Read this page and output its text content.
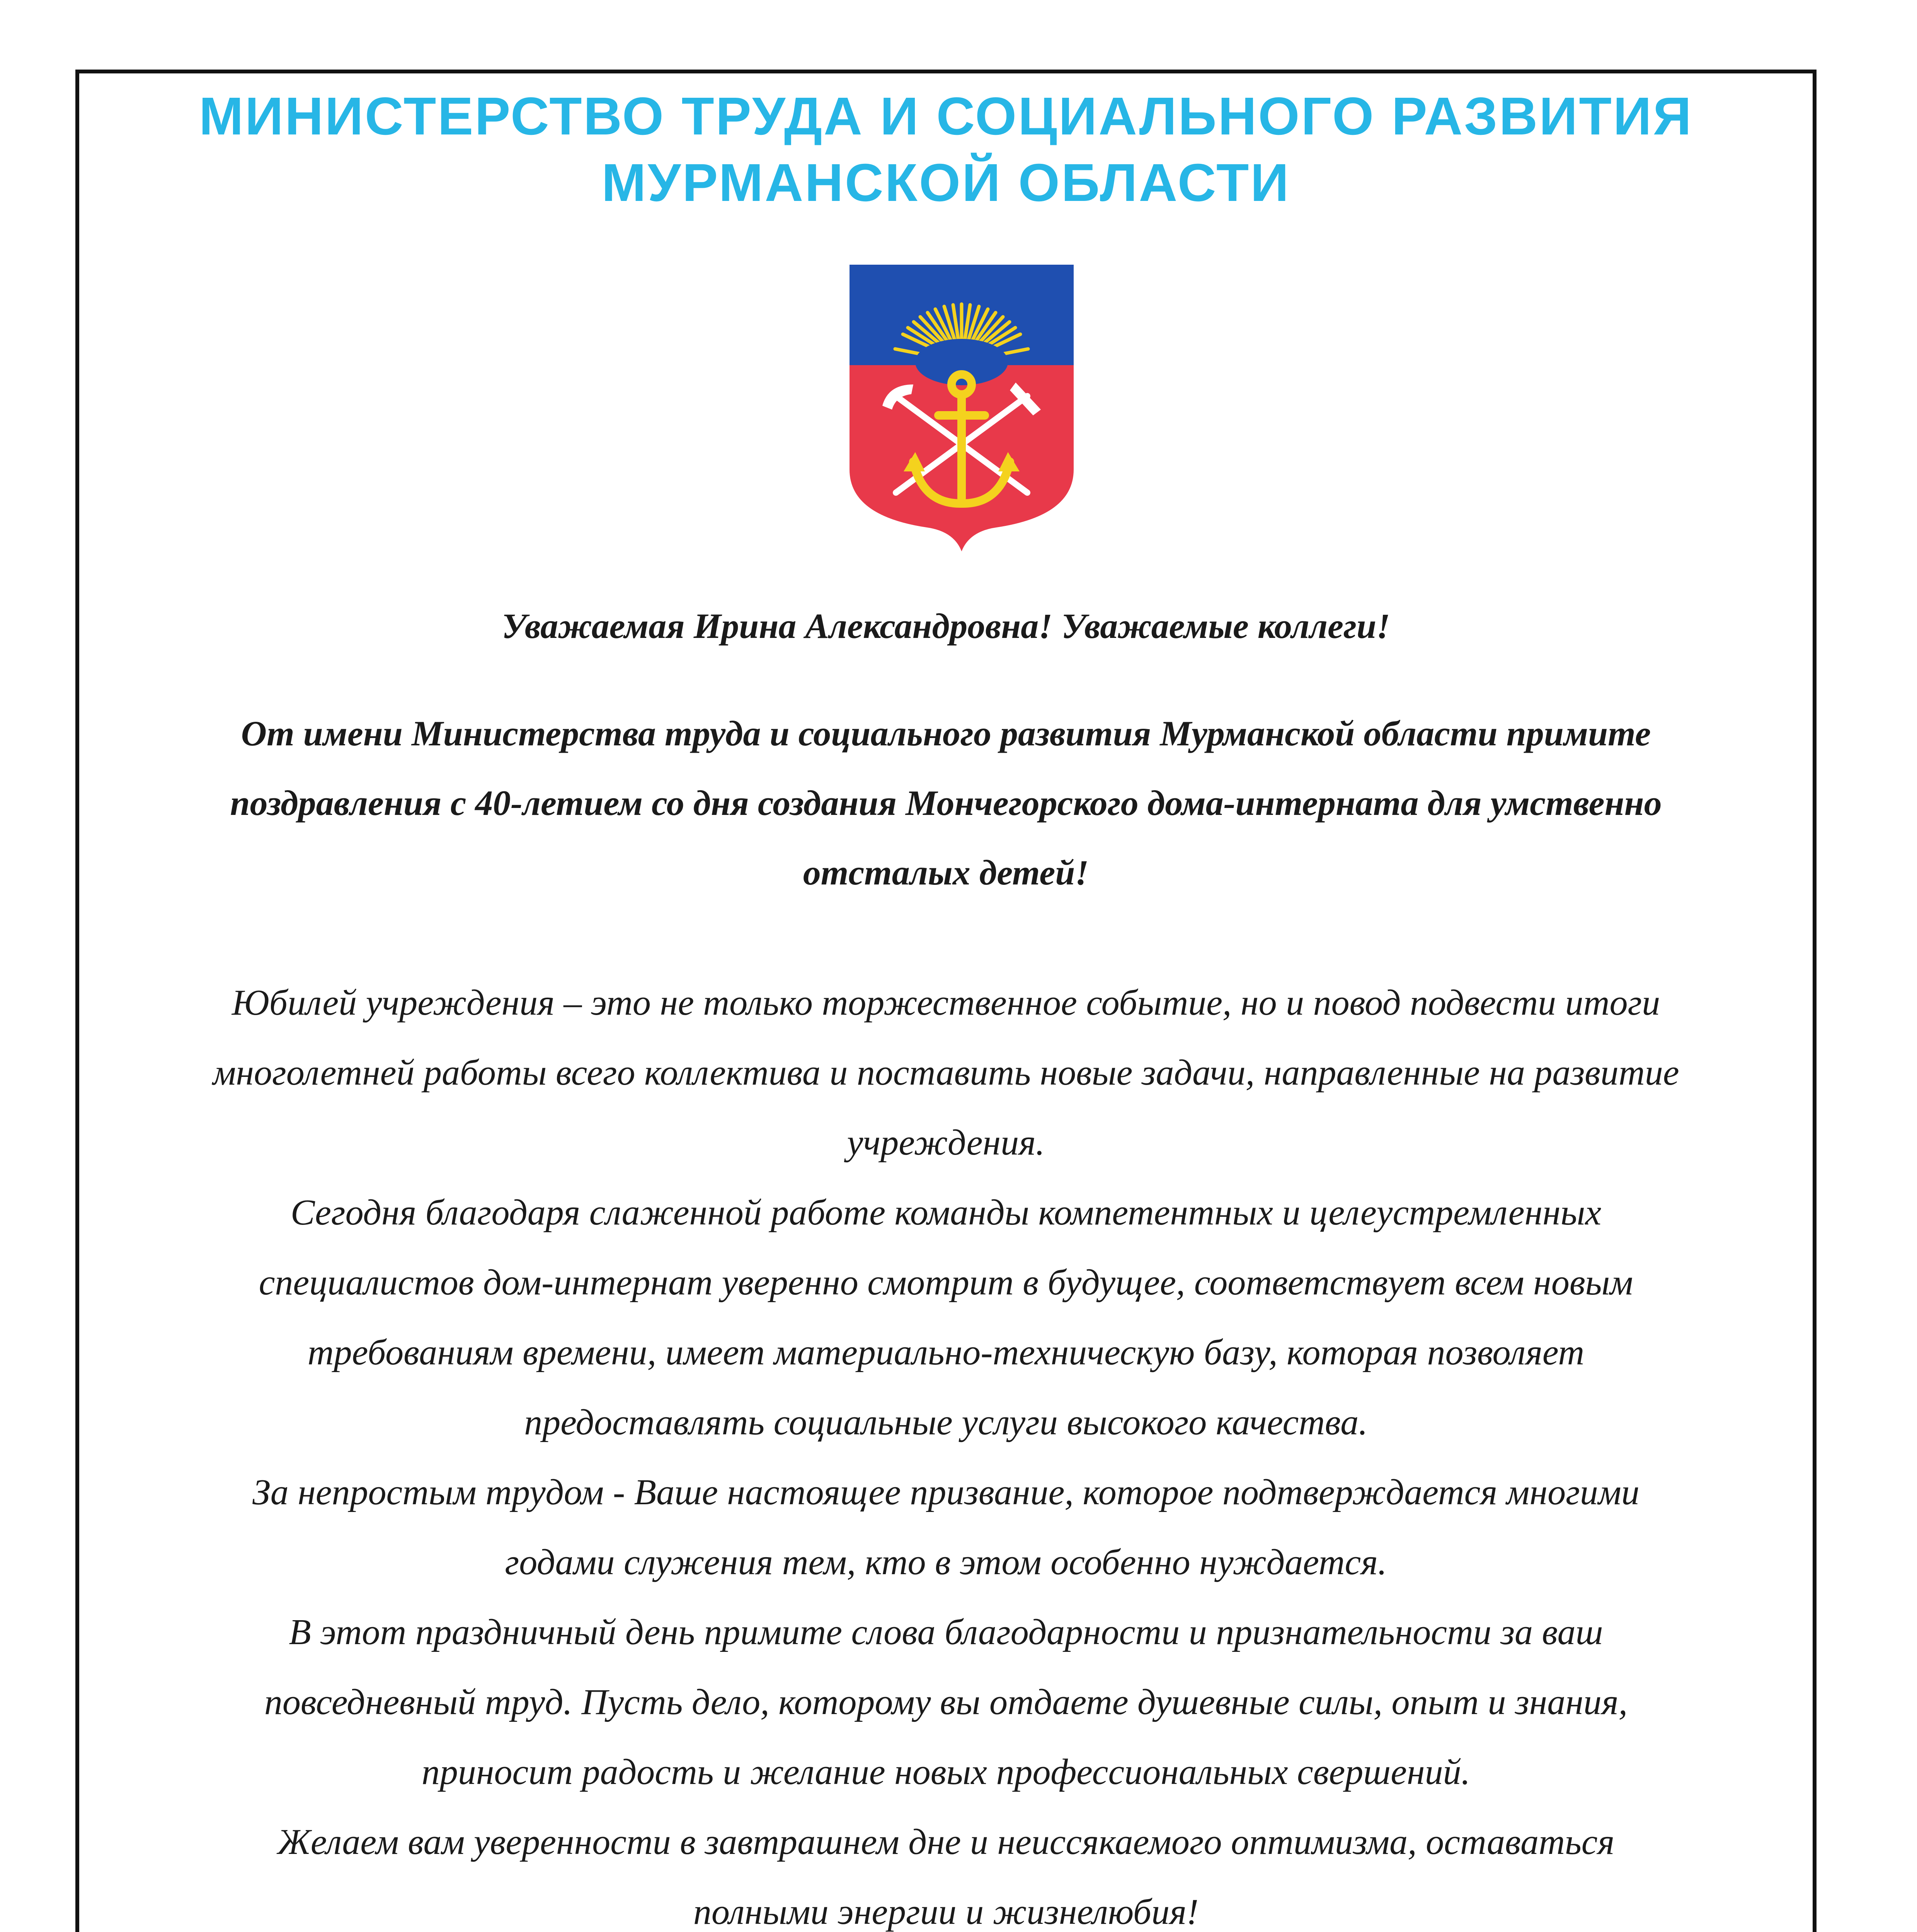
МИНИСТЕРСТВО ТРУДА И СОЦИАЛЬНОГО РАЗВИТИЯ
МУРМАНСКОЙ ОБЛАСТИ
Уважаемая Ирина Александровна! Уважаемые коллеги!
От имени Министерства труда и социального развития Мурманской области примите
поздравления с 40-летием со дня создания Мончегорского дома-интерната для умственно
отсталых детей!

Юбилей учреждения – это не только торжественное событие, но и повод подвести итоги
многолетней работы всего коллектива и поставить новые задачи, направленные на развитие
учреждения.

Сегодня благодаря слаженной работе команды компетентных и целеустремленных
специалистов дом-интернат уверенно смотрит в будущее, соответствует всем новым
требованиям времени, имеет материально-техническую базу, которая позволяет
предоставлять социальные услуги высокого качества.

За непростым трудом - Ваше настоящее призвание, которое подтверждается многими
годами служения тем, кто в этом особенно нуждается.

В этот праздничный день примите слова благодарности и признательности за ваш
повседневный труд. Пусть дело, которому вы отдаете душевные силы, опыт и знания,
приносит радость и желание новых профессиональных свершений.

Желаем вам уверенности в завтрашнем дне и неиссякаемого оптимизма, оставаться
полными энергии и жизнелюбия!
